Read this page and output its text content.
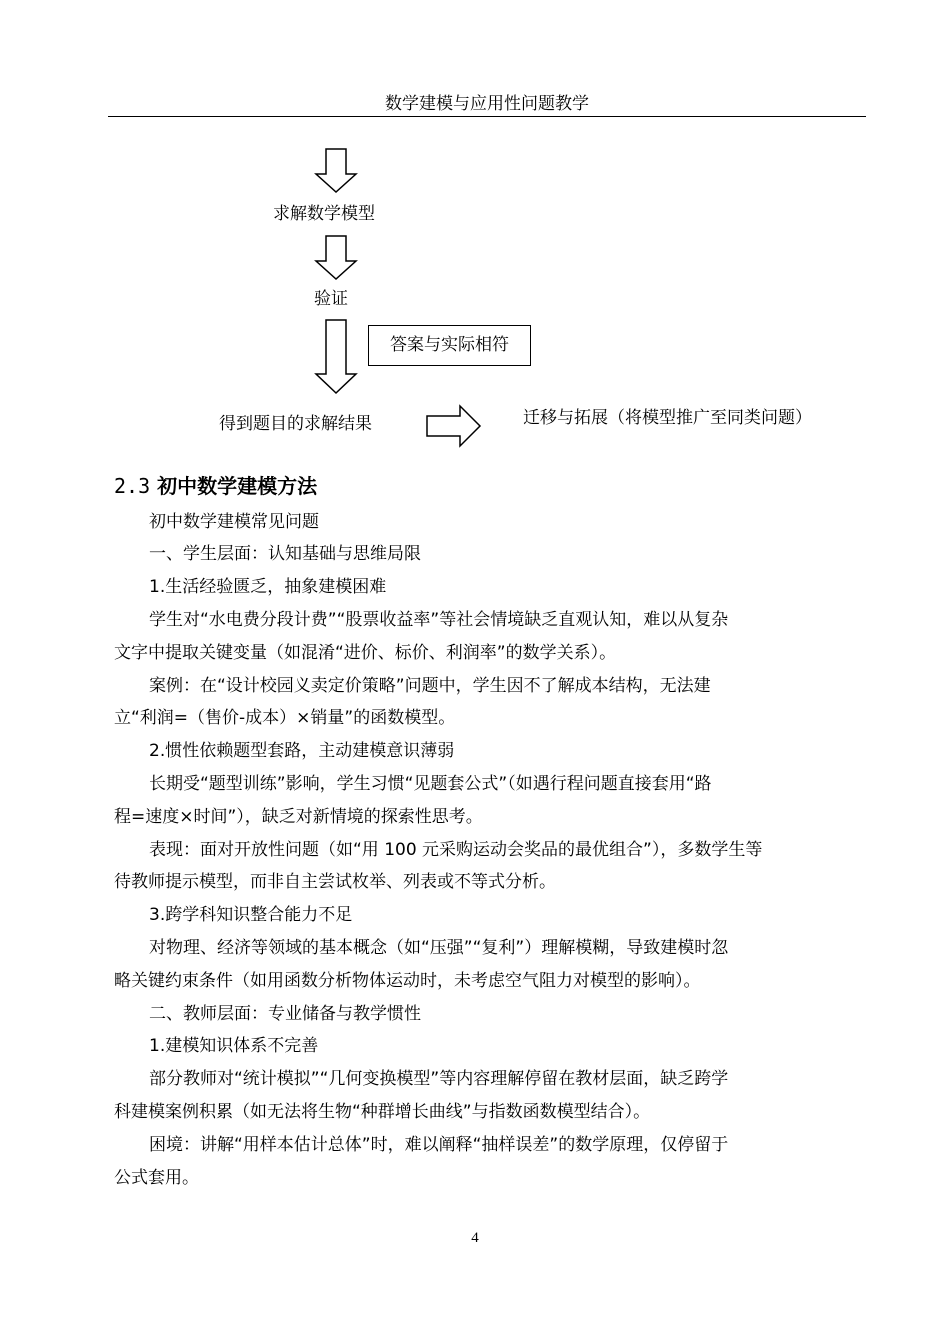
数学建模与应用性问题教学
求解数学模型
验证
答案与实际相符
得到题目的求解结果	迁移与拓展（将模型推广至同类问题）
2.3 初中数学建模方法
初中数学建模常见问题
一、学生层面：认知基础与思维局限
1.生活经验匮乏，抽象建模困难
学生对“水电费分段计费”“股票收益率”等社会情境缺乏直观认知，难以从复杂
文字中提取关键变量（如混淆“进价、标价、利润率”的数学关系）。
案例：在“设计校园义卖定价策略”问题中，学生因不了解成本结构，无法建
立“利润=（售价-成本）×销量”的函数模型。
2.惯性依赖题型套路，主动建模意识薄弱
长期受“题型训练”影响，学生习惯“见题套公式”（如遇行程问题直接套用“路
程=速度×时间”），缺乏对新情境的探索性思考。
表现：面对开放性问题（如“用 100 元采购运动会奖品的最优组合”），多数学生等
待教师提示模型，而非自主尝试枚举、列表或不等式分析。
3.跨学科知识整合能力不足
对物理、经济等领域的基本概念（如“压强”“复利”）理解模糊，导致建模时忽
略关键约束条件（如用函数分析物体运动时，未考虑空气阻力对模型的影响）。
二、教师层面：专业储备与教学惯性
1.建模知识体系不完善
部分教师对“统计模拟”“几何变换模型”等内容理解停留在教材层面，缺乏跨学
科建模案例积累（如无法将生物“种群增长曲线”与指数函数模型结合）。
困境：讲解“用样本估计总体”时，难以阐释“抽样误差”的数学原理，仅停留于
公式套用。
4
